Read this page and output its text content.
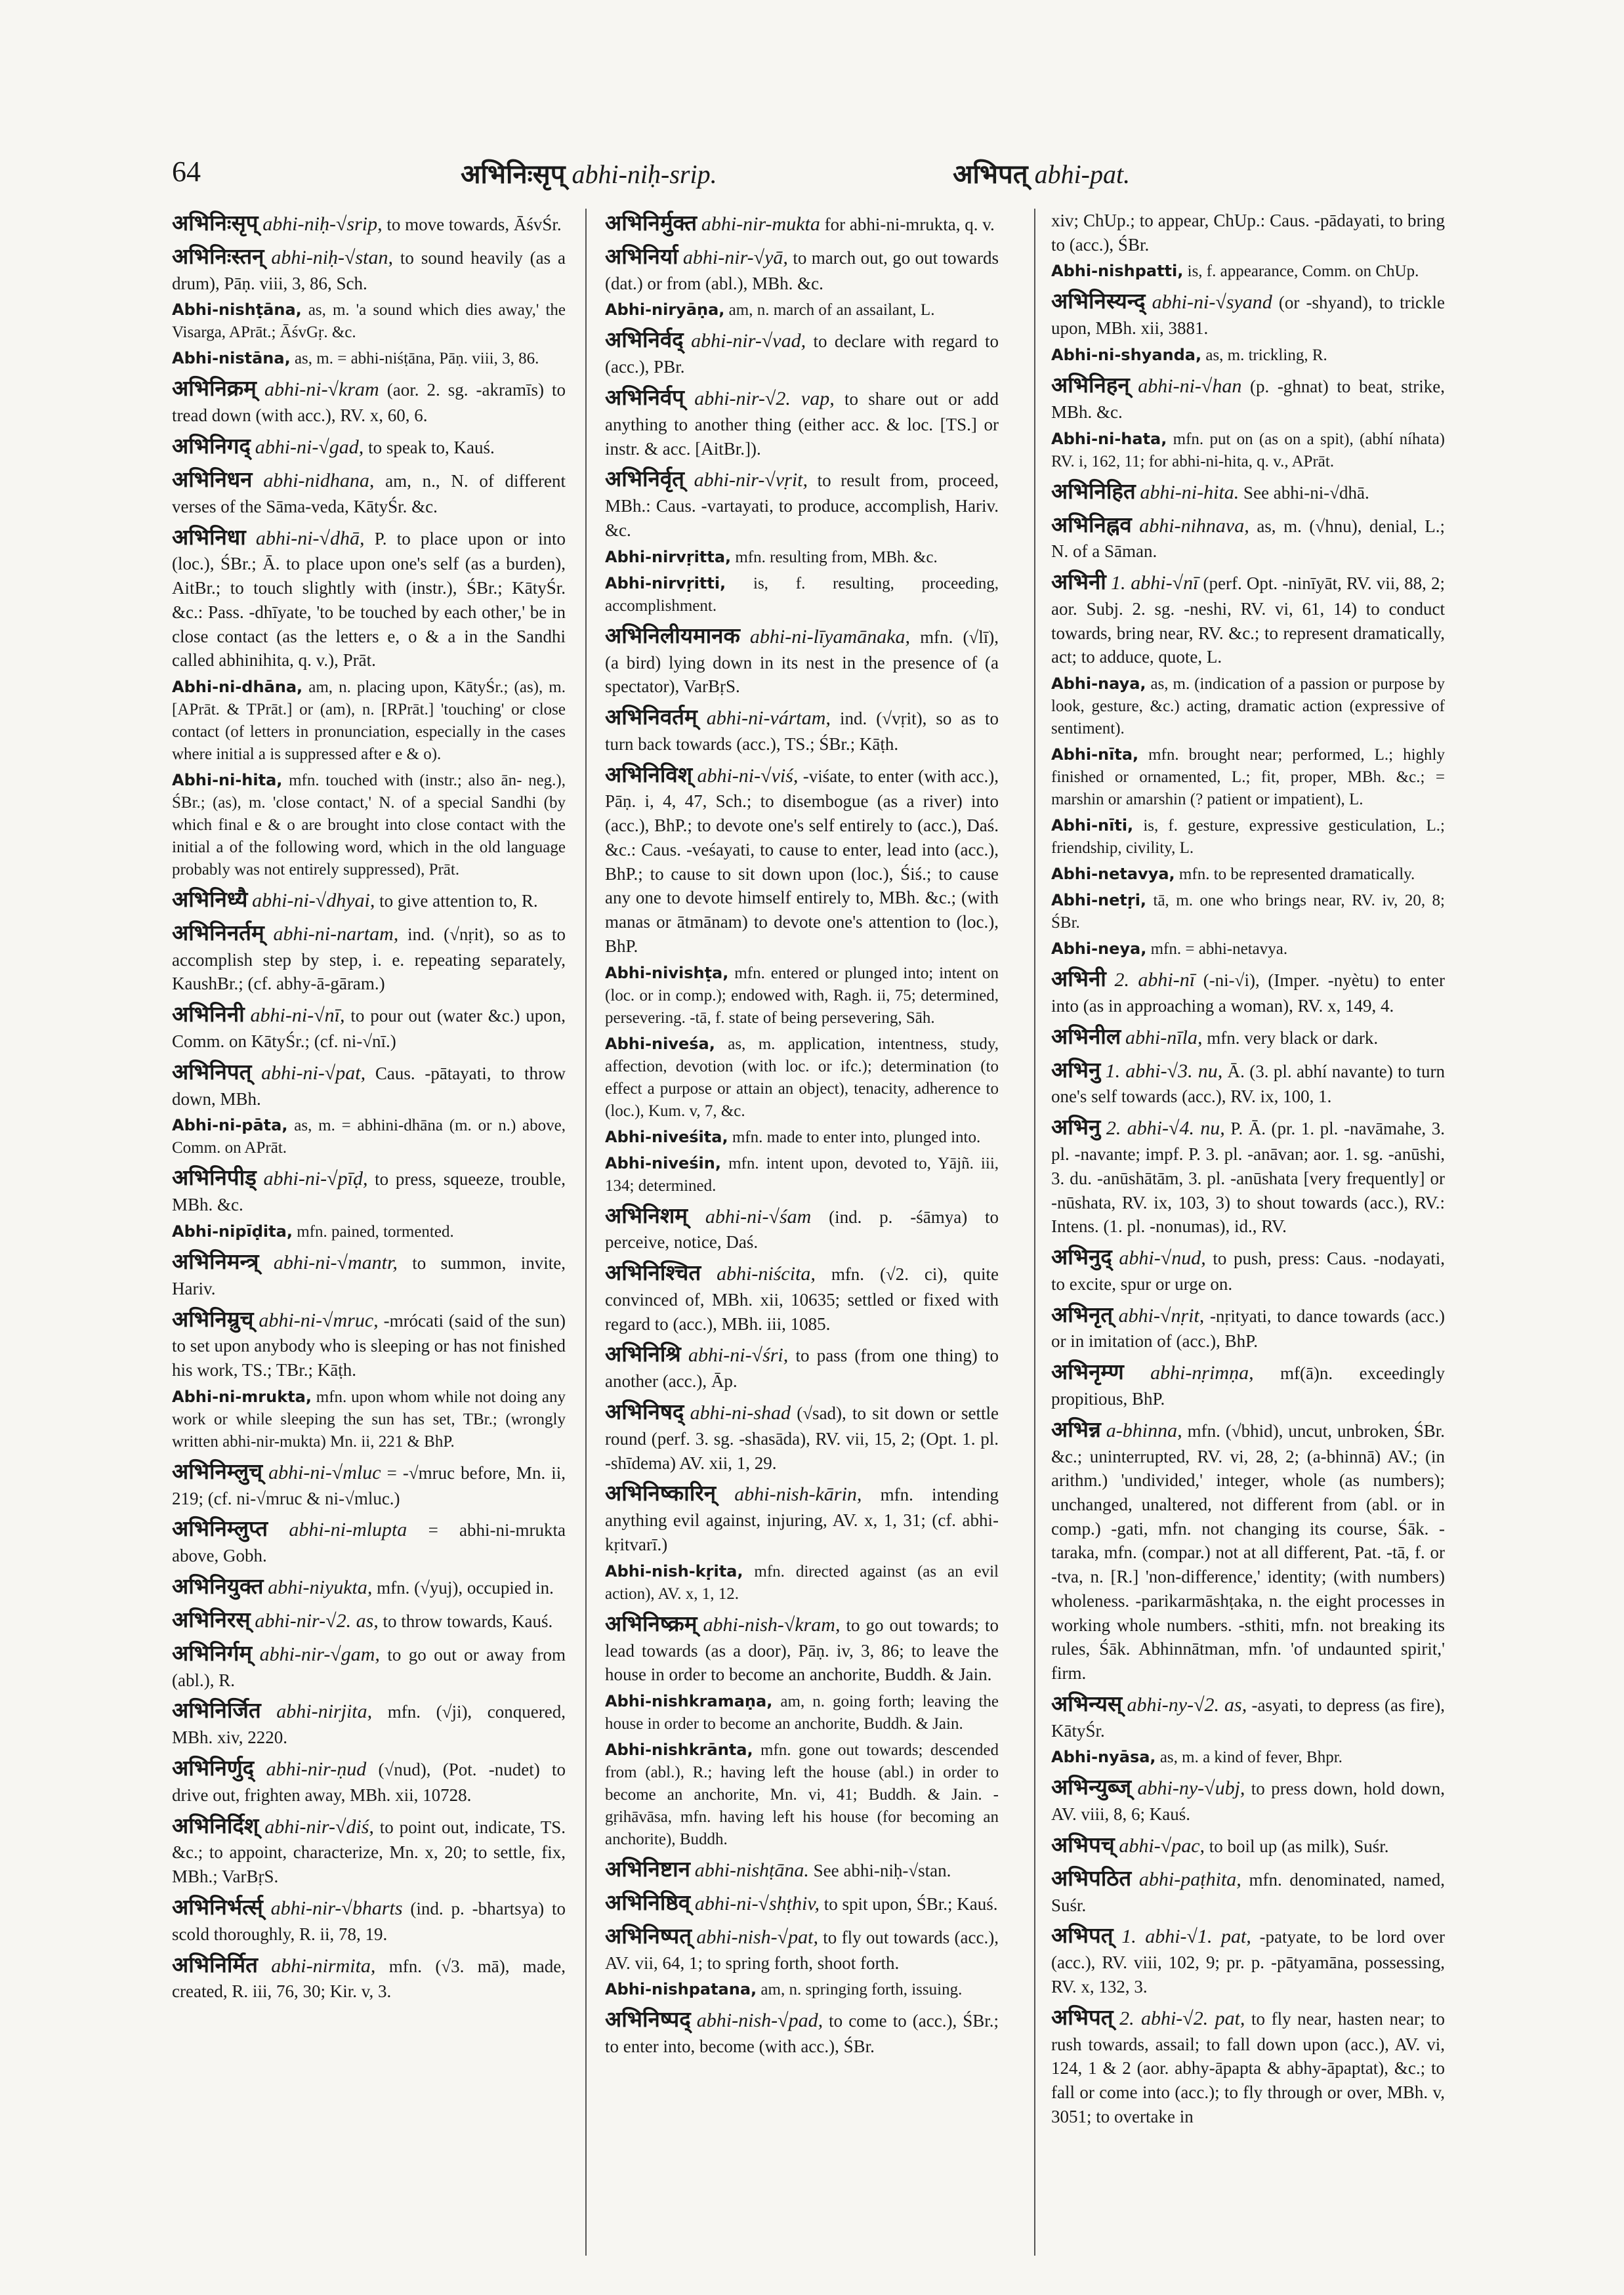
64	अभिनिःसृप् abhi-niḥ-srip.	अभिपत् abhi-pat.

अभिनिःसृप् abhi-niḥ-√srip, to move towards, ĀśvŚr.

अभिनिःस्तन् abhi-niḥ-√stan, to sound heavily (as a drum), Pāṇ. viii, 3, 86, Sch.

Abhi-nishṭāna, as, m. 'a sound which dies away,' the Visarga, APrāt.; ĀśvGṛ. &c.

Abhi-nistāna, as, m. = abhi-niśṭāna, Pāṇ. viii, 3, 86.

अभिनिक्रम् abhi-ni-√kram (aor. 2. sg. -akramīs) to tread down (with acc.), RV. x, 60, 6.

अभिनिगद् abhi-ni-√gad, to speak to, Kauś.

अभिनिधन abhi-nidhana, am, n., N. of different verses of the Sāma-veda, KātyŚr. &c.

अभिनिधा abhi-ni-√dhā, P. to place upon or into (loc.), ŚBr.; Ā. to place upon one's self (as a burden), AitBr.; to touch slightly with (instr.), ŚBr.; KātyŚr. &c.: Pass. -dhīyate, 'to be touched by each other,' be in close contact (as the letters e, o & a in the Sandhi called abhinihita, q. v.), Prāt.

Abhi-ni-dhāna, am, n. placing upon, KātyŚr.; (as), m. [APrāt. & TPrāt.] or (am), n. [RPrāt.] 'touching' or close contact (of letters in pronunciation, especially in the cases where initial a is suppressed after e & o).

Abhi-ni-hita, mfn. touched with (instr.; also ān- neg.), ŚBr.; (as), m. 'close contact,' N. of a special Sandhi (by which final e & o are brought into close contact with the initial a of the following word, which in the old language probably was not entirely suppressed), Prāt.

अभिनिध्यै abhi-ni-√dhyai, to give attention to, R.

अभिनिनर्तम् abhi-ni-nartam, ind. (√nṛit), so as to accomplish step by step, i. e. repeating separately, KaushBr.; (cf. abhy-ā-gāram.)

अभिनिनी abhi-ni-√nī, to pour out (water &c.) upon, Comm. on KātyŚr.; (cf. ni-√nī.)

अभिनिपत् abhi-ni-√pat, Caus. -pātayati, to throw down, MBh.

Abhi-ni-pāta, as, m. = abhini-dhāna (m. or n.) above, Comm. on APrāt.

अभिनिपीड् abhi-ni-√pīḍ, to press, squeeze, trouble, MBh. &c.

Abhi-nipīḍita, mfn. pained, tormented.

अभिनिमन्त्र् abhi-ni-√mantr, to summon, invite, Hariv.

अभिनिम्रुच् abhi-ni-√mruc, -mrócati (said of the sun) to set upon anybody who is sleeping or has not finished his work, TS.; TBr.; Kāṭh.

Abhi-ni-mrukta, mfn. upon whom while not doing any work or while sleeping the sun has set, TBr.; (wrongly written abhi-nir-mukta) Mn. ii, 221 & BhP.

अभिनिम्लुच् abhi-ni-√mluc = -√mruc before, Mn. ii, 219; (cf. ni-√mruc & ni-√mluc.)

अभिनिम्लुप्त abhi-ni-mlupta = abhi-ni-mrukta above, Gobh.

अभिनियुक्त abhi-niyukta, mfn. (√yuj), occupied in.

अभिनिरस् abhi-nir-√2. as, to throw towards, Kauś.

अभिनिर्गम् abhi-nir-√gam, to go out or away from (abl.), R.

अभिनिर्जित abhi-nirjita, mfn. (√ji), conquered, MBh. xiv, 2220.

अभिनिर्णुद् abhi-nir-ṇud (√nud), (Pot. -nudet) to drive out, frighten away, MBh. xii, 10728.

अभिनिर्दिश् abhi-nir-√diś, to point out, indicate, TS. &c.; to appoint, characterize, Mn. x, 20; to settle, fix, MBh.; VarBṛS.

अभिनिर्भर्त्स् abhi-nir-√bharts (ind. p. -bhartsya) to scold thoroughly, R. ii, 78, 19.

अभिनिर्मित abhi-nirmita, mfn. (√3. mā), made, created, R. iii, 76, 30; Kir. v, 3.

अभिनिर्मुक्त abhi-nir-mukta for abhi-ni-mrukta, q. v.

अभिनिर्या abhi-nir-√yā, to march out, go out towards (dat.) or from (abl.), MBh. &c.

Abhi-niryāṇa, am, n. march of an assailant, L.

अभिनिर्वद् abhi-nir-√vad, to declare with regard to (acc.), PBr.

अभिनिर्वप् abhi-nir-√2. vap, to share out or add anything to another thing (either acc. & loc. [TS.] or instr. & acc. [AitBr.]).

अभिनिर्वृत् abhi-nir-√vṛit, to result from, proceed, MBh.: Caus. -vartayati, to produce, accomplish, Hariv. &c.

Abhi-nirvṛitta, mfn. resulting from, MBh. &c.

Abhi-nirvṛitti, is, f. resulting, proceeding, accomplishment.

अभिनिलीयमानक abhi-ni-līyamānaka, mfn. (√lī), (a bird) lying down in its nest in the presence of (a spectator), VarBṛS.

अभिनिवर्तम् abhi-ni-vártam, ind. (√vṛit), so as to turn back towards (acc.), TS.; ŚBr.; Kāṭh.

अभिनिविश् abhi-ni-√viś, -viśate, to enter (with acc.), Pāṇ. i, 4, 47, Sch.; to disembogue (as a river) into (acc.), BhP.; to devote one's self entirely to (acc.), Daś. &c.: Caus. -veśayati, to cause to enter, lead into (acc.), BhP.; to cause to sit down upon (loc.), Śiś.; to cause any one to devote himself entirely to, MBh. &c.; (with manas or ātmānam) to devote one's attention to (loc.), BhP.

Abhi-nivishṭa, mfn. entered or plunged into; intent on (loc. or in comp.); endowed with, Ragh. ii, 75; determined, persevering. -tā, f. state of being persevering, Sāh.

Abhi-niveśa, as, m. application, intentness, study, affection, devotion (with loc. or ifc.); determination (to effect a purpose or attain an object), tenacity, adherence to (loc.), Kum. v, 7, &c.

Abhi-niveśita, mfn. made to enter into, plunged into.

Abhi-niveśin, mfn. intent upon, devoted to, Yājñ. iii, 134; determined.

अभिनिशम् abhi-ni-√śam (ind. p. -śāmya) to perceive, notice, Daś.

अभिनिश्चित abhi-niścita, mfn. (√2. ci), quite convinced of, MBh. xii, 10635; settled or fixed with regard to (acc.), MBh. iii, 1085.

अभिनिश्रि abhi-ni-√śri, to pass (from one thing) to another (acc.), Āp.

अभिनिषद् abhi-ni-shad (√sad), to sit down or settle round (perf. 3. sg. -shasāda), RV. vii, 15, 2; (Opt. 1. pl. -shīdema) AV. xii, 1, 29.

अभिनिष्कारिन् abhi-nish-kārin, mfn. intending anything evil against, injuring, AV. x, 1, 31; (cf. abhi-kṛitvarī.)

Abhi-nish-kṛita, mfn. directed against (as an evil action), AV. x, 1, 12.

अभिनिष्क्रम् abhi-nish-√kram, to go out towards; to lead towards (as a door), Pāṇ. iv, 3, 86; to leave the house in order to become an anchorite, Buddh. & Jain.

Abhi-nishkramaṇa, am, n. going forth; leaving the house in order to become an anchorite, Buddh. & Jain.

Abhi-nishkrānta, mfn. gone out towards; descended from (abl.), R.; having left the house (abl.) in order to become an anchorite, Mn. vi, 41; Buddh. & Jain. -gṛihāvāsa, mfn. having left his house (for becoming an anchorite), Buddh.

अभिनिष्टान abhi-nishṭāna. See abhi-niḥ-√stan.

अभिनिष्ठिव् abhi-ni-√shṭhiv, to spit upon, ŚBr.; Kauś.

अभिनिष्पत् abhi-nish-√pat, to fly out towards (acc.), AV. vii, 64, 1; to spring forth, shoot forth.

Abhi-nishpatana, am, n. springing forth, issuing.

अभिनिष्पद् abhi-nish-√pad, to come to (acc.), ŚBr.; to enter into, become (with acc.), ŚBr.

xiv; ChUp.; to appear, ChUp.: Caus. -pādayati, to bring to (acc.), ŚBr.

Abhi-nishpatti, is, f. appearance, Comm. on ChUp.

अभिनिस्यन्द् abhi-ni-√syand (or -shyand), to trickle upon, MBh. xii, 3881.

Abhi-ni-shyanda, as, m. trickling, R.

अभिनिहन् abhi-ni-√han (p. -ghnat) to beat, strike, MBh. &c.

Abhi-ni-hata, mfn. put on (as on a spit), (abhí níhata) RV. i, 162, 11; for abhi-ni-hita, q. v., APrāt.

अभिनिहित abhi-ni-hita. See abhi-ni-√dhā.

अभिनिह्नव abhi-nihnava, as, m. (√hnu), denial, L.; N. of a Sāman.

अभिनी 1. abhi-√nī (perf. Opt. -ninīyāt, RV. vii, 88, 2; aor. Subj. 2. sg. -neshi, RV. vi, 61, 14) to conduct towards, bring near, RV. &c.; to represent dramatically, act; to adduce, quote, L.

Abhi-naya, as, m. (indication of a passion or purpose by look, gesture, &c.) acting, dramatic action (expressive of sentiment).

Abhi-nīta, mfn. brought near; performed, L.; highly finished or ornamented, L.; fit, proper, MBh. &c.; = marshin or amarshin (? patient or impatient), L.

Abhi-nīti, is, f. gesture, expressive gesticulation, L.; friendship, civility, L.

Abhi-netavya, mfn. to be represented dramatically.

Abhi-netṛi, tā, m. one who brings near, RV. iv, 20, 8; ŚBr.

Abhi-neya, mfn. = abhi-netavya.

अभिनी 2. abhi-nī (-ni-√i), (Imper. -nyètu) to enter into (as in approaching a woman), RV. x, 149, 4.

अभिनील abhi-nīla, mfn. very black or dark.

अभिनु 1. abhi-√3. nu, Ā. (3. pl. abhí navante) to turn one's self towards (acc.), RV. ix, 100, 1.

अभिनु 2. abhi-√4. nu, P. Ā. (pr. 1. pl. -navāmahe, 3. pl. -navante; impf. P. 3. pl. -anāvan; aor. 1. sg. -anūshi, 3. du. -anūshātām, 3. pl. -anūshata [very frequently] or -nūshata, RV. ix, 103, 3) to shout towards (acc.), RV.: Intens. (1. pl. -nonumas), id., RV.

अभिनुद् abhi-√nud, to push, press: Caus. -nodayati, to excite, spur or urge on.

अभिनृत् abhi-√nṛit, -nṛityati, to dance towards (acc.) or in imitation of (acc.), BhP.

अभिनृम्ण abhi-nṛimṇa, mf(ā)n. exceedingly propitious, BhP.

अभिन्न a-bhinna, mfn. (√bhid), uncut, unbroken, ŚBr. &c.; uninterrupted, RV. vi, 28, 2; (a-bhinnā) AV.; (in arithm.) 'undivided,' integer, whole (as numbers); unchanged, unaltered, not different from (abl. or in comp.) -gati, mfn. not changing its course, Śāk. -taraka, mfn. (compar.) not at all different, Pat. -tā, f. or -tva, n. [R.] 'non-difference,' identity; (with numbers) wholeness. -parikarmāshṭaka, n. the eight processes in working whole numbers. -sthiti, mfn. not breaking its rules, Śāk. Abhinnātman, mfn. 'of undaunted spirit,' firm.

अभिन्यस् abhi-ny-√2. as, -asyati, to depress (as fire), KātyŚr.

Abhi-nyāsa, as, m. a kind of fever, Bhpr.

अभिन्युब्ज् abhi-ny-√ubj, to press down, hold down, AV. viii, 8, 6; Kauś.

अभिपच् abhi-√pac, to boil up (as milk), Suśr.

अभिपठित abhi-paṭhita, mfn. denominated, named, Suśr.

अभिपत् 1. abhi-√1. pat, -patyate, to be lord over (acc.), RV. viii, 102, 9; pr. p. -pātyamāna, possessing, RV. x, 132, 3.

अभिपत् 2. abhi-√2. pat, to fly near, hasten near; to rush towards, assail; to fall down upon (acc.), AV. vi, 124, 1 & 2 (aor. abhy-āpapta & abhy-āpaptat), &c.; to fall or come into (acc.); to fly through or over, MBh. v, 3051; to overtake in
